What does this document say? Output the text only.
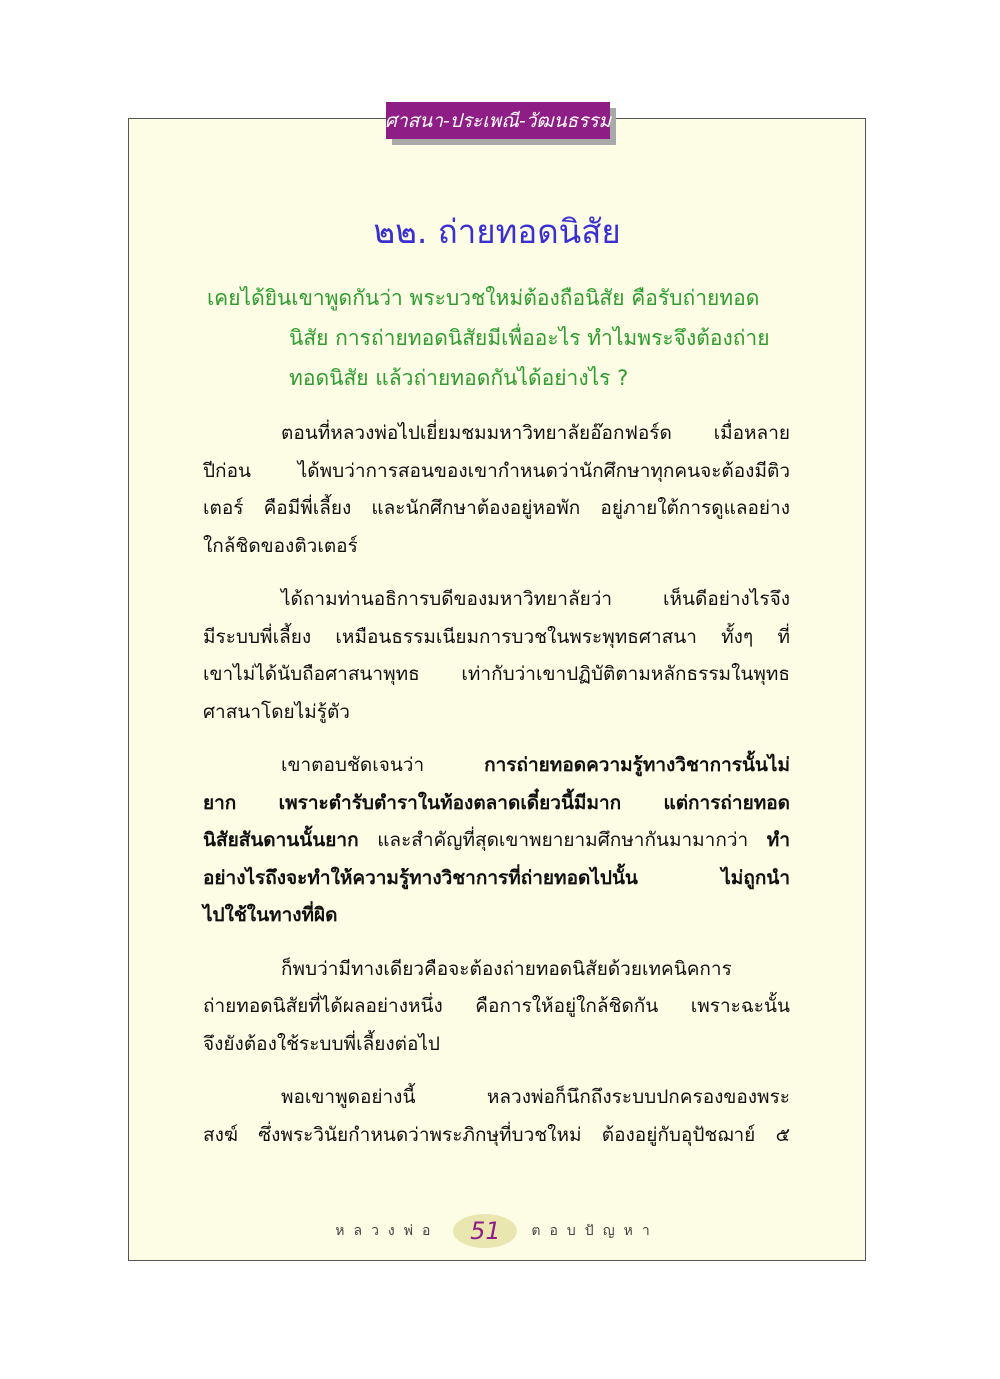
ศาสนา-ประเพณี-วัฒนธรรม
๒๒. ถ่ายทอดนิสัย
เคยได้ยินเขาพูดกันว่า พระบวชใหม่ต้องถือนิสัย คือรับถ่ายทอด
นิสัย การถ่ายทอดนิสัยมีเพื่ออะไร ทำไมพระจึงต้องถ่าย
ทอดนิสัย แล้วถ่ายทอดกันได้อย่างไร ?

ตอนที่หลวงพ่อไปเยี่ยมชมมหาวิทยาลัยอ๊อกฟอร์ด เมื่อหลาย
ปีก่อน ได้พบว่าการสอนของเขากำหนดว่านักศึกษาทุกคนจะต้องมีติว
เตอร์ คือมีพี่เลี้ยง และนักศึกษาต้องอยู่หอพัก อยู่ภายใต้การดูแลอย่าง
ใกล้ชิดของติวเตอร์

ได้ถามท่านอธิการบดีของมหาวิทยาลัยว่า เห็นดีอย่างไรจึง
มีระบบพี่เลี้ยง เหมือนธรรมเนียมการบวชในพระพุทธศาสนา ทั้งๆ ที่
เขาไม่ได้นับถือศาสนาพุทธ เท่ากับว่าเขาปฏิบัติตามหลักธรรมในพุทธ
ศาสนาโดยไม่รู้ตัว

เขาตอบชัดเจนว่า การถ่ายทอดความรู้ทางวิชาการนั้นไม่
ยาก เพราะตำรับตำราในท้องตลาดเดี๋ยวนี้มีมาก แต่การถ่ายทอด
นิสัยสันดานนั้นยาก และสำคัญที่สุดเขาพยายามศึกษากันมามากว่า ทำ
อย่างไรถึงจะทำให้ความรู้ทางวิชาการที่ถ่ายทอดไปนั้น ไม่ถูกนำ
ไปใช้ในทางที่ผิด

ก็พบว่ามีทางเดียวคือจะต้องถ่ายทอดนิสัยด้วยเทคนิคการ
ถ่ายทอดนิสัยที่ได้ผลอย่างหนึ่ง คือการให้อยู่ใกล้ชิดกัน เพราะฉะนั้น
จึงยังต้องใช้ระบบพี่เลี้ยงต่อไป

พอเขาพูดอย่างนี้ หลวงพ่อก็นึกถึงระบบปกครองของพระ
สงฆ์ ซึ่งพระวินัยกำหนดว่าพระภิกษุที่บวชใหม่ ต้องอยู่กับอุปัชฌาย์ ๕

หลวงพ่อ 51 ตอบปัญหา
